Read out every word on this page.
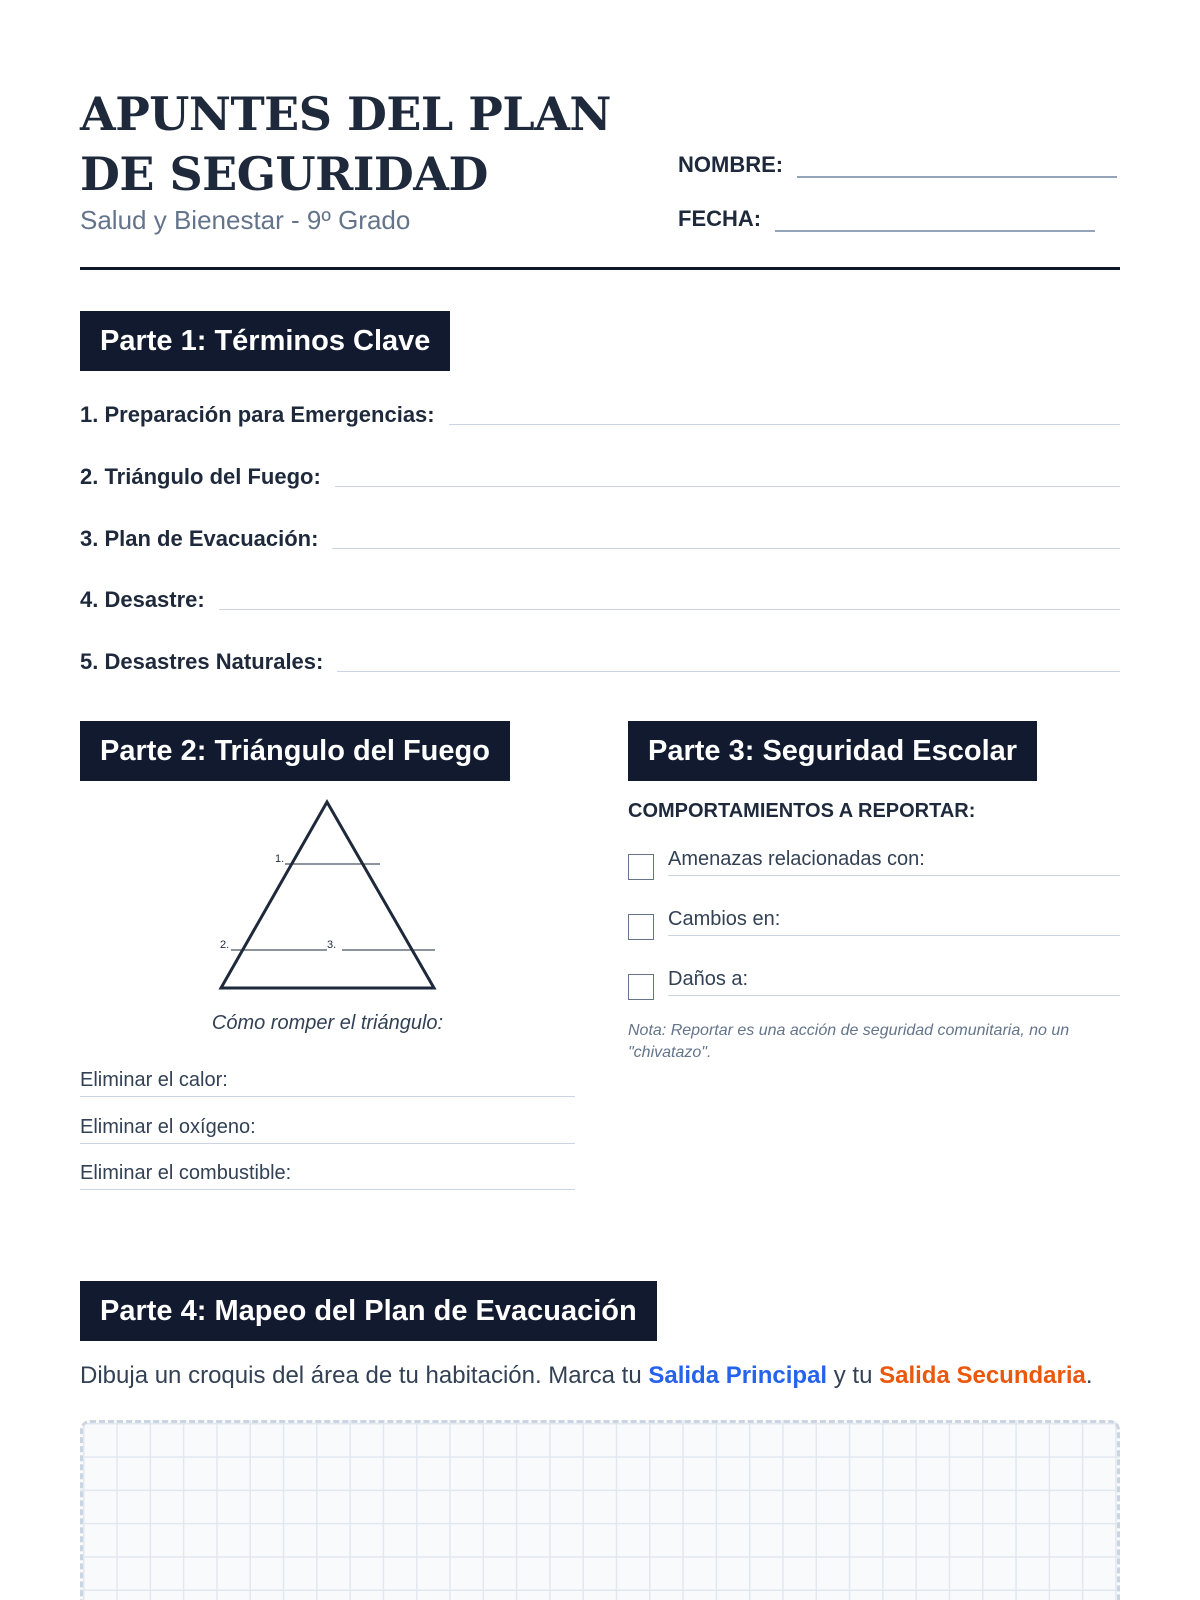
APUNTES DEL PLAN DE SEGURIDAD
Salud y Bienestar - 9º Grado
NOMBRE:
FECHA:
Parte 1: Términos Clave
1. Preparación para Emergencias:
2. Triángulo del Fuego:
3. Plan de Evacuación:
4. Desastre:
5. Desastres Naturales:
Parte 2: Triángulo del Fuego
1.
2.	3.
Cómo romper el triángulo:
Eliminar el calor:
Eliminar el oxígeno:
Eliminar el combustible:
Parte 3: Seguridad Escolar
COMPORTAMIENTOS A REPORTAR:
Amenazas relacionadas con:
Cambios en:
Daños a:
Nota: Reportar es una acción de seguridad comunitaria, no un "chivatazo".
Parte 4: Mapeo del Plan de Evacuación
Dibuja un croquis del área de tu habitación. Marca tu Salida Principal y tu Salida Secundaria.
